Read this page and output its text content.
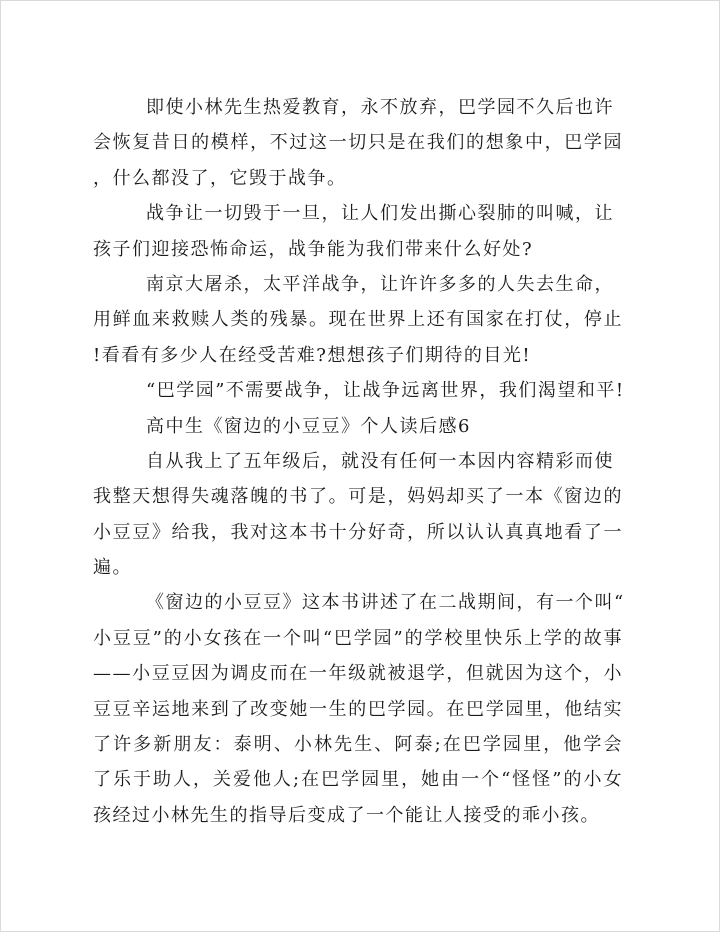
即使小林先生热爱教育，永不放弃，巴学园不久后也许
会恢复昔日的模样，不过这一切只是在我们的想象中，巴学园
，什么都没了，它毁于战争。
战争让一切毁于一旦，让人们发出撕心裂肺的叫喊，让
孩子们迎接恐怖命运，战争能为我们带来什么好处?
南京大屠杀，太平洋战争，让许许多多的人失去生命，
用鲜血来救赎人类的残暴。现在世界上还有国家在打仗，停止
!看看有多少人在经受苦难?想想孩子们期待的目光!
“巴学园”不需要战争，让战争远离世界，我们渴望和平!
高中生《窗边的小豆豆》个人读后感6
自从我上了五年级后，就没有任何一本因内容精彩而使
我整天想得失魂落魄的书了。可是，妈妈却买了一本《窗边的
小豆豆》给我，我对这本书十分好奇，所以认认真真地看了一
遍。
《窗边的小豆豆》这本书讲述了在二战期间，有一个叫“
小豆豆”的小女孩在一个叫“巴学园”的学校里快乐上学的故事
——小豆豆因为调皮而在一年级就被退学，但就因为这个，小
豆豆辛运地来到了改变她一生的巴学园。在巴学园里，他结实
了许多新朋友：泰明、小林先生、阿泰;在巴学园里，他学会
了乐于助人，关爱他人;在巴学园里，她由一个“怪怪”的小女
孩经过小林先生的指导后变成了一个能让人接受的乖小孩。
